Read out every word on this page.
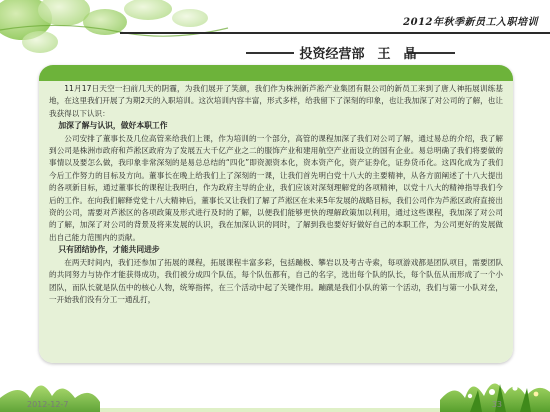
2012年秋季新员工入职培训
投资经营部　王　晶

11月17日天空一扫前几天的阴霾，为我们展开了笑颜，我们作为株洲新芦淞产业集团有限公司的新员工来到了唐人神拓展训练基地，在这里我们开展了为期2天的入职培训。这次培训内容丰富，形式多样，给我留下了深刻的印象，也让我加深了对公司的了解，也让我获得以下认识：

加深了解与认识，做好本职工作

公司安排了董事长及几位高管来给我们上课，作为培训的一个部分，高管的课程加深了我们对公司了解，通过易总的介绍，我了解到公司是株洲市政府和芦淞区政府为了发展五大千亿产业之二的服饰产业和建用航空产业而设立的国有企业。易总明确了我们将要做的事情以及要怎么做，我印象非常深刻的是易总总结的“四化”即资源资本化，资本资产化，资产证券化，证券货币化。这四化成为了我们今后工作努力的目标及方向。董事长在晚上给我们上了深刻的一课，让我们首先明白党十八大的主要精神，从各方面阐述了十八大提出的各项新目标，通过董事长的课程让我明白，作为政府主导的企业，我们应该对深刻理解党的各项精神，以党十八大的精神指导我们今后的工作。在向我们解释党党十八大精神后，董事长又让我们了解了芦淞区在未来5年发展的战略目标，我们公司作为芦淞区政府直接出资的公司，需要对芦淞区的各项政策及形式进行及时的了解，以便我们能够更快的理解政策加以利用，通过这些课程，我加深了对公司的了解，加深了对公司的背景及将来发展的认识，我在加深认识的同时，了解到我也要好好做好自己的本职工作，为公司更好的发展做出自己能力范围内的贡献。

只有团结协作，才能共同进步

在两天时间内，我们还参加了拓展的课程，拓展课程丰富多彩，包括蹦极、攀岩以及考古寺索，每项游戏都是团队项目，需要团队的共同努力与协作才能获得成功，我们被分成四个队伍，每个队伍都有，自己的名字，选出每个队的队长，每个队伍从而形成了一个小团队，而队长就是队伍中的核心人物，统筹指挥，在三个活动中起了关键作用。蹦蹴是我们小队的第一个活动，我们与第一小队对垒，一开始我们没有分工一通乱打，

2012-12-7	33
